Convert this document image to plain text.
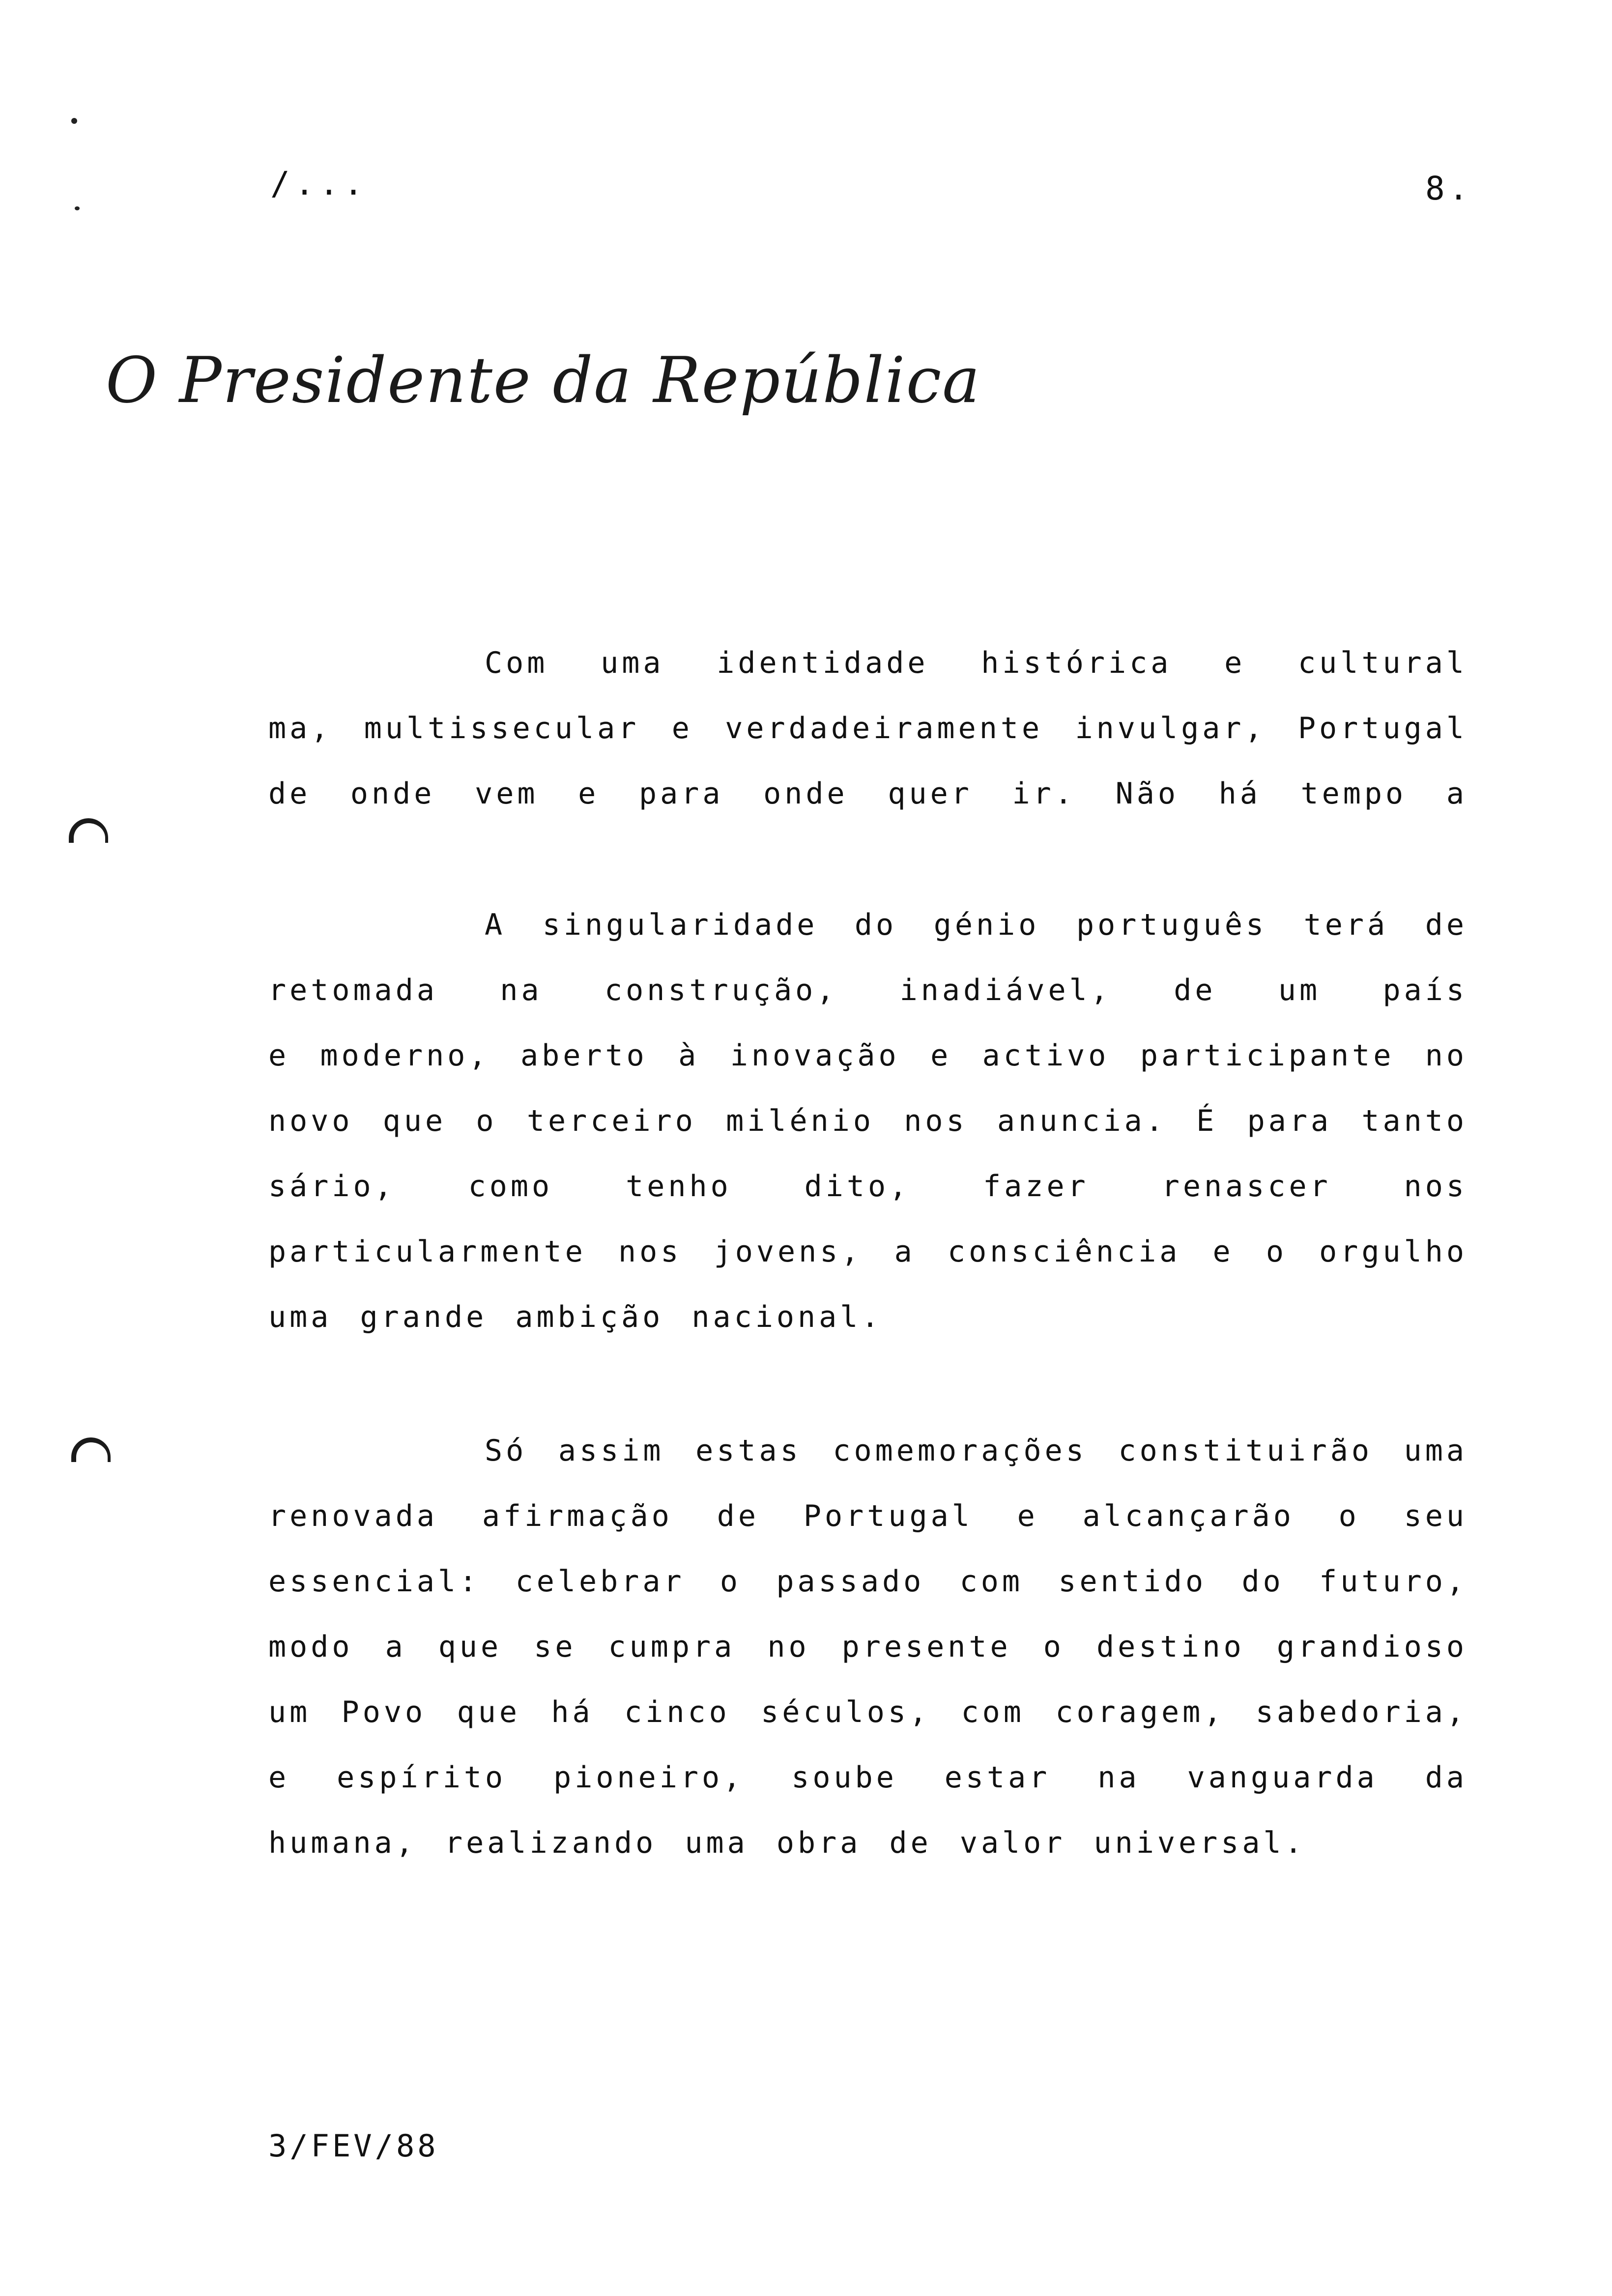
/...	8.

O Presidente da República

Com uma identidade histórica e cultural
ma, multissecular e verdadeiramente invulgar, Portugal
de onde vem e para onde quer ir. Não há tempo a
A singularidade do génio português terá de
retomada na construção, inadiável, de um país
e moderno, aberto à inovação e activo participante no
novo que o terceiro milénio nos anuncia. É para tanto
sário, como tenho dito, fazer renascer nos
particularmente nos jovens, a consciência e o orgulho
uma grande ambição nacional.
Só assim estas comemorações constituirão uma
renovada afirmação de Portugal e alcançarão o seu
essencial: celebrar o passado com sentido do futuro,
modo a que se cumpra no presente o destino grandioso
um Povo que há cinco séculos, com coragem, sabedoria,
e espírito pioneiro, soube estar na vanguarda da
humana, realizando uma obra de valor universal.

3/FEV/88
